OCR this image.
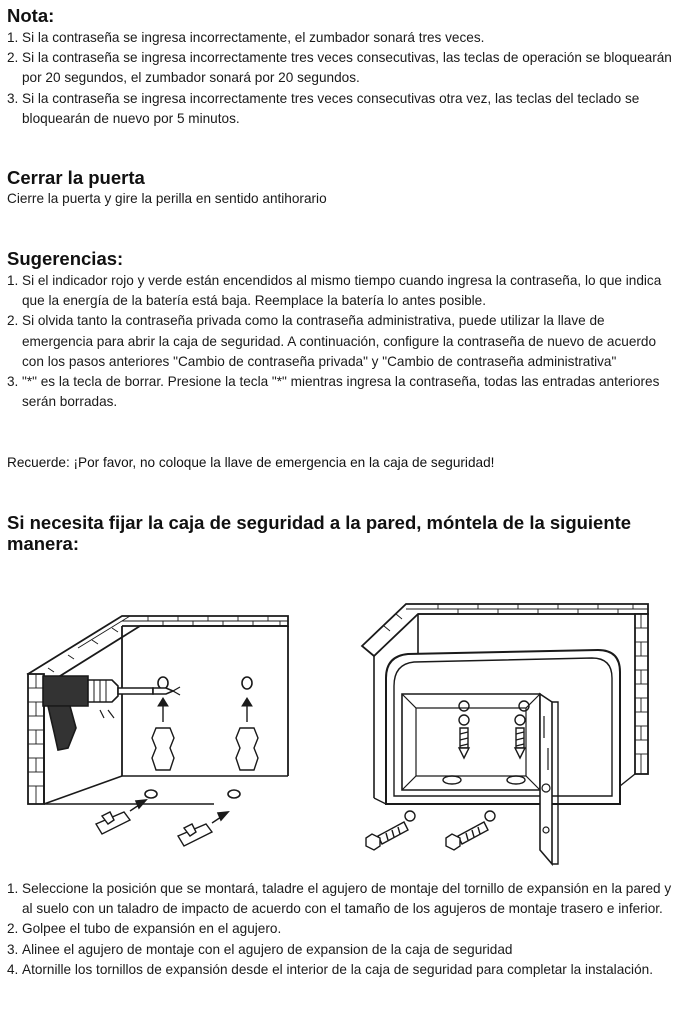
Nota:
1. Si la contraseña se ingresa incorrectamente, el zumbador sonará tres veces.
2. Si la contraseña se ingresa incorrectamente tres veces consecutivas, las teclas de operación se bloquearán por 20 segundos, el zumbador sonará por 20 segundos.
3. Si la contraseña se ingresa incorrectamente tres veces consecutivas otra vez, las teclas del teclado se bloquearán de nuevo por 5 minutos.
Cerrar la puerta

Cierre la puerta y gire la perilla en sentido antihorario

Sugerencias:
1. Si el indicador rojo y verde están encendidos al mismo tiempo cuando ingresa la contraseña, lo que indica que la energía de la batería está baja. Reemplace la batería lo antes posible.
2. Si olvida tanto la contraseña privada como la contraseña administrativa, puede utilizar la llave de emergencia para abrir la caja de seguridad. A continuación, configure la contraseña de nuevo de acuerdo con los pasos anteriores "Cambio de contraseña privada" y "Cambio de contraseña administrativa"
3. "*" es la tecla de borrar. Presione la tecla "*" mientras ingresa la contraseña, todas las entradas anteriores serán borradas.

Recuerde: ¡Por favor, no coloque la llave de emergencia en la caja de seguridad!

Si necesita fijar la caja de seguridad a la pared, móntela de la siguiente manera:
1. Seleccione la posición que se montará, taladre el agujero de montaje del tornillo de expansión en la pared y al suelo con un taladro de impacto de acuerdo con el tamaño de los agujeros de montaje trasero e inferior.
2. Golpee el tubo de expansión en el agujero.
3. Alinee el agujero de montaje con el agujero de expansion de la caja de seguridad
4. Atornille los tornillos de expansión desde el interior de la caja de seguridad para completar la instalación.
